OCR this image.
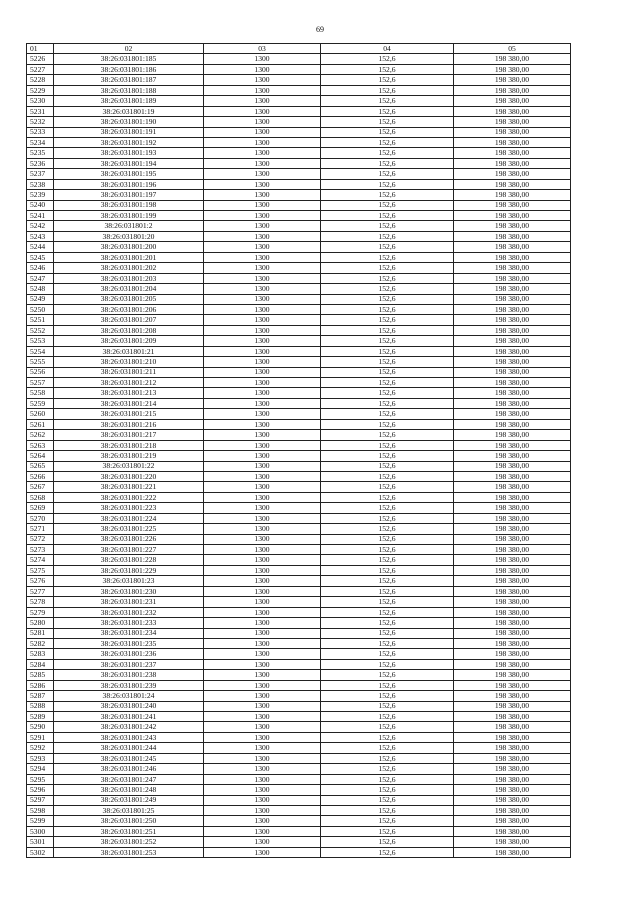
69
01	02	03	04	05
5226	38:26:031801:185	1300	152,6	198 380,00
5227	38:26:031801:186	1300	152,6	198 380,00
5228	38:26:031801:187	1300	152,6	198 380,00
5229	38:26:031801:188	1300	152,6	198 380,00
5230	38:26:031801:189	1300	152,6	198 380,00
5231	38:26:031801:19	1300	152,6	198 380,00
5232	38:26:031801:190	1300	152,6	198 380,00
5233	38:26:031801:191	1300	152,6	198 380,00
5234	38:26:031801:192	1300	152,6	198 380,00
5235	38:26:031801:193	1300	152,6	198 380,00
5236	38:26:031801:194	1300	152,6	198 380,00
5237	38:26:031801:195	1300	152,6	198 380,00
5238	38:26:031801:196	1300	152,6	198 380,00
5239	38:26:031801:197	1300	152,6	198 380,00
5240	38:26:031801:198	1300	152,6	198 380,00
5241	38:26:031801:199	1300	152,6	198 380,00
5242	38:26:031801:2	1300	152,6	198 380,00
5243	38:26:031801:20	1300	152,6	198 380,00
5244	38:26:031801:200	1300	152,6	198 380,00
5245	38:26:031801:201	1300	152,6	198 380,00
5246	38:26:031801:202	1300	152,6	198 380,00
5247	38:26:031801:203	1300	152,6	198 380,00
5248	38:26:031801:204	1300	152,6	198 380,00
5249	38:26:031801:205	1300	152,6	198 380,00
5250	38:26:031801:206	1300	152,6	198 380,00
5251	38:26:031801:207	1300	152,6	198 380,00
5252	38:26:031801:208	1300	152,6	198 380,00
5253	38:26:031801:209	1300	152,6	198 380,00
5254	38:26:031801:21	1300	152,6	198 380,00
5255	38:26:031801:210	1300	152,6	198 380,00
5256	38:26:031801:211	1300	152,6	198 380,00
5257	38:26:031801:212	1300	152,6	198 380,00
5258	38:26:031801:213	1300	152,6	198 380,00
5259	38:26:031801:214	1300	152,6	198 380,00
5260	38:26:031801:215	1300	152,6	198 380,00
5261	38:26:031801:216	1300	152,6	198 380,00
5262	38:26:031801:217	1300	152,6	198 380,00
5263	38:26:031801:218	1300	152,6	198 380,00
5264	38:26:031801:219	1300	152,6	198 380,00
5265	38:26:031801:22	1300	152,6	198 380,00
5266	38:26:031801:220	1300	152,6	198 380,00
5267	38:26:031801:221	1300	152,6	198 380,00
5268	38:26:031801:222	1300	152,6	198 380,00
5269	38:26:031801:223	1300	152,6	198 380,00
5270	38:26:031801:224	1300	152,6	198 380,00
5271	38:26:031801:225	1300	152,6	198 380,00
5272	38:26:031801:226	1300	152,6	198 380,00
5273	38:26:031801:227	1300	152,6	198 380,00
5274	38:26:031801:228	1300	152,6	198 380,00
5275	38:26:031801:229	1300	152,6	198 380,00
5276	38:26:031801:23	1300	152,6	198 380,00
5277	38:26:031801:230	1300	152,6	198 380,00
5278	38:26:031801:231	1300	152,6	198 380,00
5279	38:26:031801:232	1300	152,6	198 380,00
5280	38:26:031801:233	1300	152,6	198 380,00
5281	38:26:031801:234	1300	152,6	198 380,00
5282	38:26:031801:235	1300	152,6	198 380,00
5283	38:26:031801:236	1300	152,6	198 380,00
5284	38:26:031801:237	1300	152,6	198 380,00
5285	38:26:031801:238	1300	152,6	198 380,00
5286	38:26:031801:239	1300	152,6	198 380,00
5287	38:26:031801:24	1300	152,6	198 380,00
5288	38:26:031801:240	1300	152,6	198 380,00
5289	38:26:031801:241	1300	152,6	198 380,00
5290	38:26:031801:242	1300	152,6	198 380,00
5291	38:26:031801:243	1300	152,6	198 380,00
5292	38:26:031801:244	1300	152,6	198 380,00
5293	38:26:031801:245	1300	152,6	198 380,00
5294	38:26:031801:246	1300	152,6	198 380,00
5295	38:26:031801:247	1300	152,6	198 380,00
5296	38:26:031801:248	1300	152,6	198 380,00
5297	38:26:031801:249	1300	152,6	198 380,00
5298	38:26:031801:25	1300	152,6	198 380,00
5299	38:26:031801:250	1300	152,6	198 380,00
5300	38:26:031801:251	1300	152,6	198 380,00
5301	38:26:031801:252	1300	152,6	198 380,00
5302	38:26:031801:253	1300	152,6	198 380,00
